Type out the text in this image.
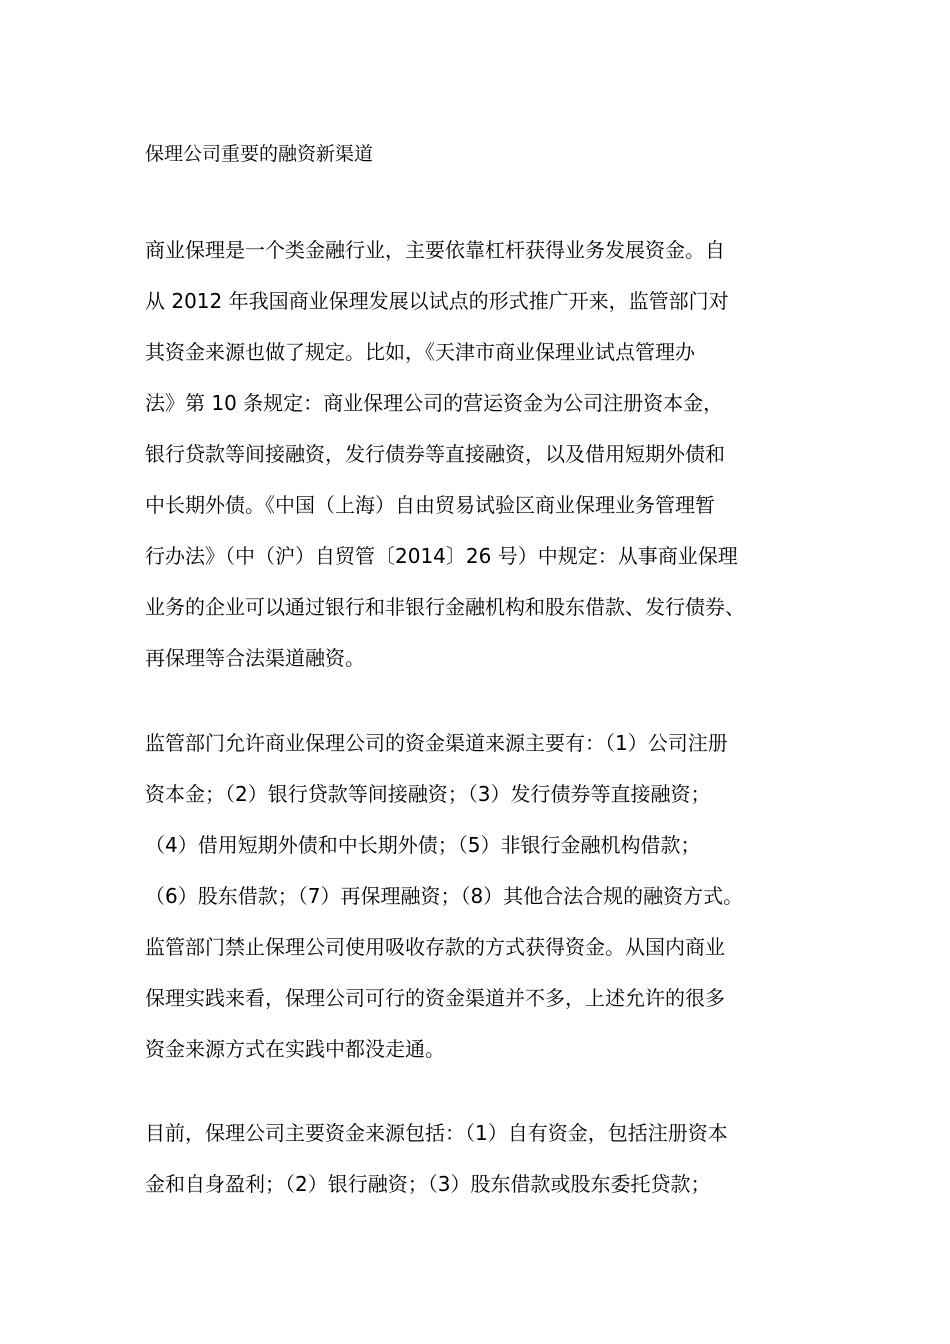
保理公司重要的融资新渠道
商业保理是一个类金融行业，主要依靠杠杆获得业务发展资金。自
从 2012 年我国商业保理发展以试点的形式推广开来，监管部门对
其资金来源也做了规定。比如，《天津市商业保理业试点管理办
法》第 10 条规定：商业保理公司的营运资金为公司注册资本金，
银行贷款等间接融资，发行债券等直接融资，以及借用短期外债和
中长期外债。《中国（上海）自由贸易试验区商业保理业务管理暂
行办法》（中（沪）自贸管〔2014〕26 号）中规定：从事商业保理
业务的企业可以通过银行和非银行金融机构和股东借款、发行债券、
再保理等合法渠道融资。
监管部门允许商业保理公司的资金渠道来源主要有：（1）公司注册
资本金；（2）银行贷款等间接融资；（3）发行债券等直接融资；
（4）借用短期外债和中长期外债；（5）非银行金融机构借款；
（6）股东借款；（7）再保理融资；（8）其他合法合规的融资方式。
监管部门禁止保理公司使用吸收存款的方式获得资金。从国内商业
保理实践来看，保理公司可行的资金渠道并不多，上述允许的很多
资金来源方式在实践中都没走通。
目前，保理公司主要资金来源包括：（1）自有资金，包括注册资本
金和自身盈利；（2）银行融资；（3）股东借款或股东委托贷款；
